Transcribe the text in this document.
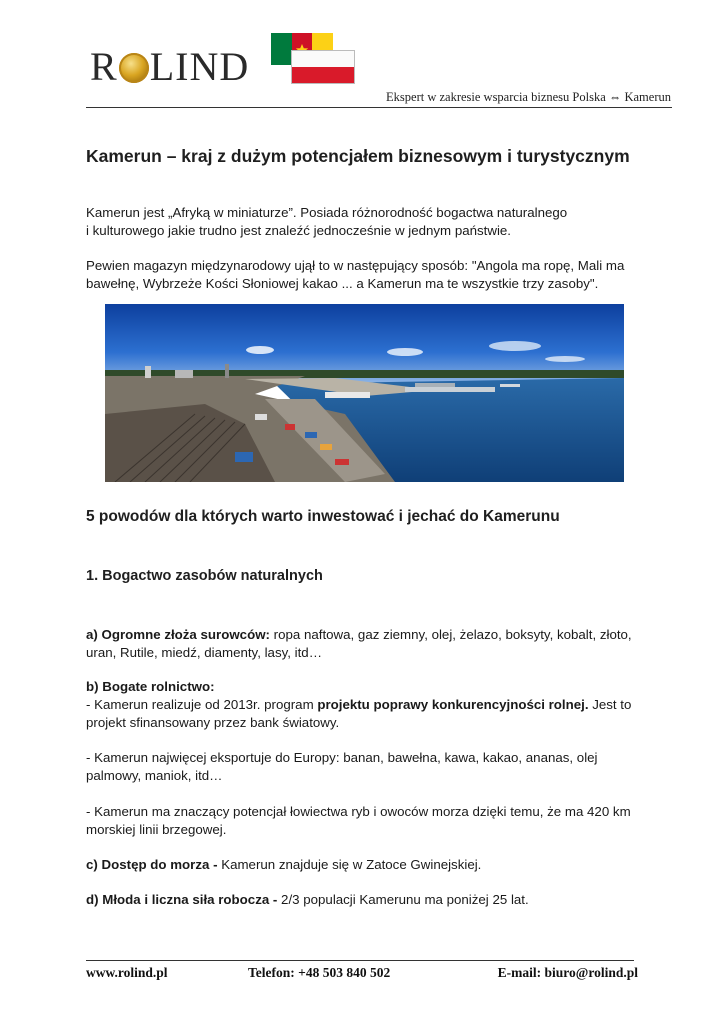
R LIND
Ekspert w zakresie wsparcia biznesu Polska ⇔ Kamerun
Kamerun – kraj z dużym potencjałem biznesowym i turystycznym

Kamerun jest „Afryką w miniaturze”. Posiada różnorodność bogactwa naturalnego
i kulturowego jakie trudno jest znaleźć jednocześnie w jednym państwie.

Pewien magazyn międzynarodowy ujął to w następujący sposób: "Angola ma ropę, Mali ma
bawełnę, Wybrzeże Kości Słoniowej kakao ... a Kamerun ma te wszystkie trzy zasoby".

5 powodów dla których warto inwestować i jechać do Kamerunu
1. Bogactwo zasobów naturalnych

a) Ogromne złoża surowców: ropa naftowa, gaz ziemny, olej, żelazo, boksyty, kobalt, złoto,
uran, Rutile, miedź, diamenty, lasy, itd…

b) Bogate rolnictwo:
- Kamerun realizuje od 2013r. program projektu poprawy konkurencyjności rolnej. Jest to
projekt sfinansowany przez bank światowy.

- Kamerun najwięcej eksportuje do Europy: banan, bawełna, kawa, kakao, ananas, olej
palmowy, maniok, itd…

- Kamerun ma znaczący potencjał łowiectwa ryb i owoców morza dzięki temu, że ma 420 km
morskiej linii brzegowej.

c) Dostęp do morza - Kamerun znajduje się w Zatoce Gwinejskiej.

d) Młoda i liczna siła robocza - 2/3 populacji Kamerunu ma poniżej 25 lat.

www.rolind.pl	Telefon: +48 503 840 502	E-mail: biuro@rolind.pl
